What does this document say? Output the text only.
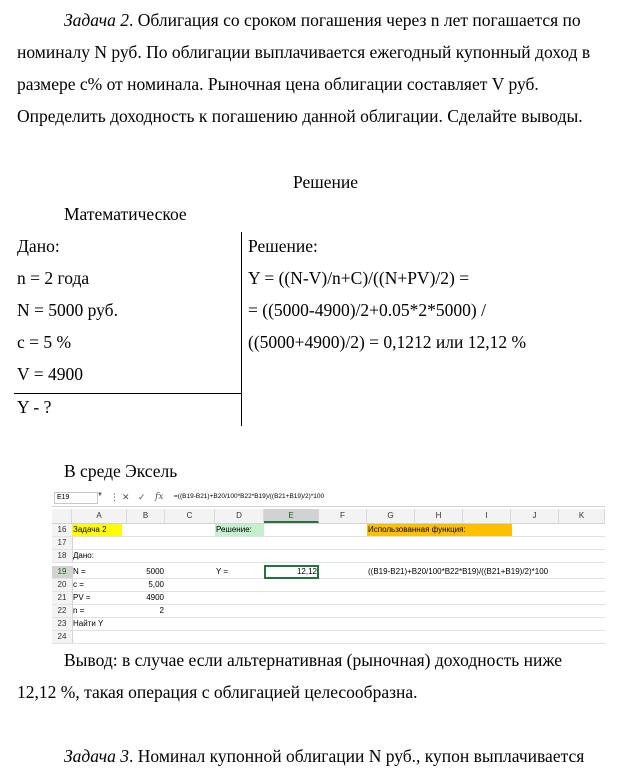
Задача 2. Облигация со сроком погашения через n лет погашается по
номиналу N руб. По облигации выплачивается ежегодный купонный доход в
размере c% от номинала. Рыночная цена облигации составляет V руб.
Определить доходность к погашению данной облигации. Сделайте выводы.
Решение
Математическое
Дано:
n = 2 года
N = 5000 руб.
c = 5 %
V = 4900
Y - ?
Решение:
Y = ((N-V)/n+C)/((N+PV)/2) =
= ((5000-4900)/2+0.05*2*5000) /
((5000+4900)/2) = 0,1212 или 12,12 %
В среде Эксель
E19	▼ ⋮ ✕ ✓ fx =((B19-B21)+B20/100*B22*B19)/((B21+B19)/2)*100
A	B	C	D	E	F	G	H	I	J	K
16 Задача 2	Решение:	Использованная функция:
17
18 Дано:
19 N =	5000	Y =	12,12	((B19-B21)+B20/100*B22*B19)/((B21+B19)/2)*100
20 c =	5,00
21 PV =	4900
22 n =	2
23 Найти Y
24
Вывод: в случае если альтернативная (рыночная) доходность ниже
12,12 %, такая операция с облигацией целесообразна.
Задача 3. Номинал купонной облигации N руб., купон выплачивается
